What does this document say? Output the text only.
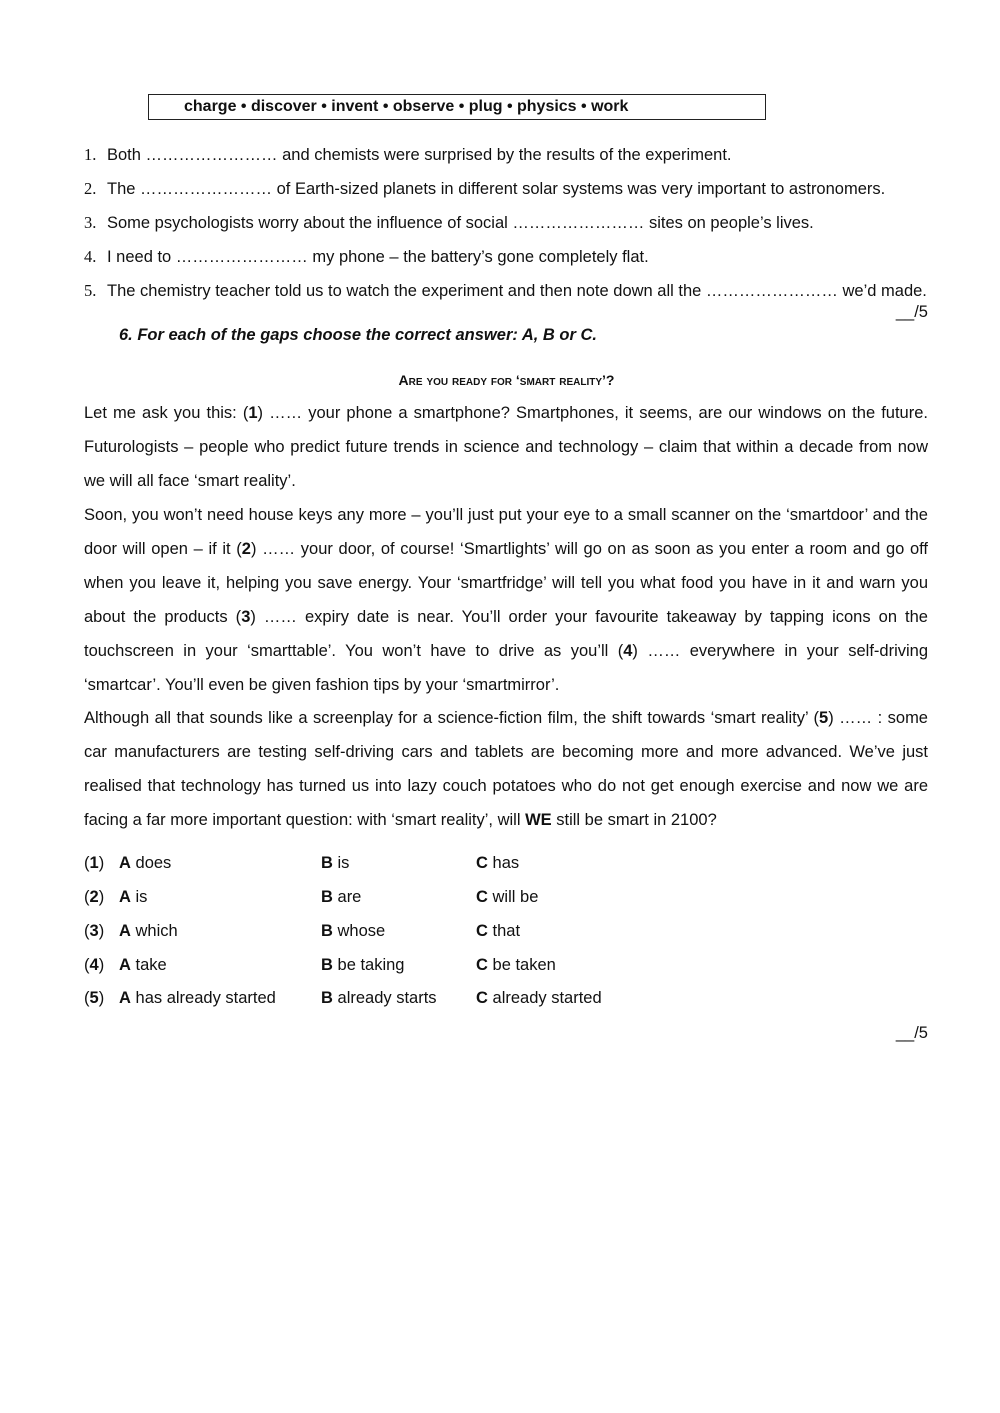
charge • discover • invent • observe • plug • physics • work
1. Both …………………… and chemists were surprised by the results of the experiment.
2. The …………………… of Earth-sized planets in different solar systems was very important to astronomers.
3. Some psychologists worry about the influence of social …………………… sites on people’s lives.
4. I need to …………………… my phone – the battery’s gone completely flat.
5. The chemistry teacher told us to watch the experiment and then note down all the …………………… we’d made.
__/5
6. For each of the gaps choose the correct answer: A, B or C.
Are you ready for ‘smart reality’?
Let me ask you this: (1) …… your phone a smartphone? Smartphones, it seems, are our windows on the future. Futurologists – people who predict future trends in science and technology – claim that within a decade from now we will all face ‘smart reality’.
Soon, you won’t need house keys any more – you’ll just put your eye to a small scanner on the ‘smartdoor’ and the door will open – if it (2) …… your door, of course! ‘Smartlights’ will go on as soon as you enter a room and go off when you leave it, helping you save energy. Your ‘smartfridge’ will tell you what food you have in it and warn you about the products (3) …… expiry date is near. You’ll order your favourite takeaway by tapping icons on the touchscreen in your ‘smarttable’. You won’t have to drive as you’ll (4) …… everywhere in your self-driving ‘smartcar’. You’ll even be given fashion tips by your ‘smartmirror’.
Although all that sounds like a screenplay for a science-fiction film, the shift towards ‘smart reality’ (5) …… : some car manufacturers are testing self-driving cars and tablets are becoming more and more advanced. We’ve just realised that technology has turned us into lazy couch potatoes who do not get enough exercise and now we are facing a far more important question: with ‘smart reality’, will WE still be smart in 2100?
(1) A does	B is	C has
(2) A is	B are	C will be
(3) A which	B whose	C that
(4) A take	B be taking	C be taken
(5) A has already started	B already starts C already started
__/5
